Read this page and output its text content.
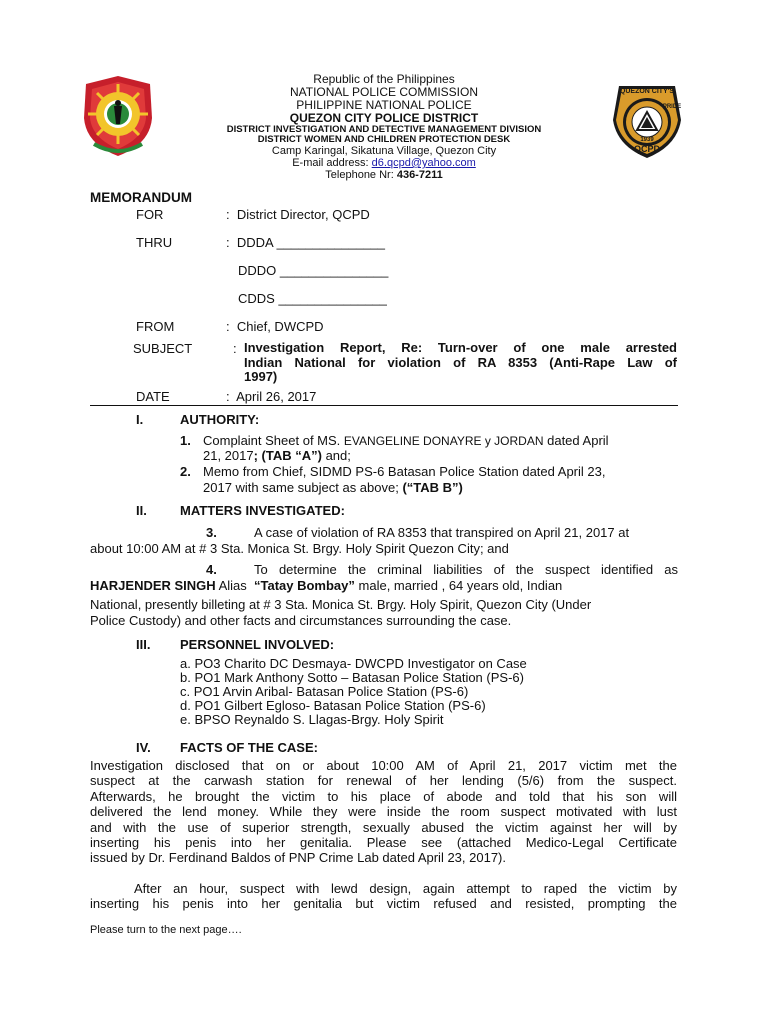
QUEZON CITY'S
PRIDE
1939
QCPD
Republic of the Philippines
NATIONAL POLICE COMMISSION
PHILIPPINE NATIONAL POLICE
QUEZON CITY POLICE DISTRICT
DISTRICT INVESTIGATION AND DETECTIVE MANAGEMENT DIVISION
DISTRICT WOMEN AND CHILDREN PROTECTION DESK
Camp Karingal, Sikatuna Village, Quezon City
E-mail address: d6.qcpd@yahoo.com
Telephone Nr: 436-7211
MEMORANDUM
FOR	: District Director, QCPD
THRU	: DDDA _______________
DDDO _______________
CDDS _______________
FROM	: Chief, DWCPD
SUBJECT	: Investigation Report, Re: Turn-over of one male arrested
Indian National for violation of RA 8353 (Anti-Rape Law of
1997)
DATE	: April 26, 2017
I.	AUTHORITY:
1. Complaint Sheet of MS. EVANGELINE DONAYRE y JORDAN dated April
21, 2017; (TAB “A”) and;
2. Memo from Chief, SIDMD PS-6 Batasan Police Station dated April 23,
2017 with same subject as above; (“TAB B”)
II.	MATTERS INVESTIGATED:
3.	A case of violation of RA 8353 that transpired on April 21, 2017 at
about 10:00 AM at # 3 Sta. Monica St. Brgy. Holy Spirit Quezon City; and
4.	To determine the criminal liabilities of the suspect identified as
HARJENDER SINGH Alias  “Tatay Bombay” male, married , 64 years old, Indian
National, presently billeting at # 3 Sta. Monica St. Brgy. Holy Spirit, Quezon City (Under
Police Custody) and other facts and circumstances surrounding the case.
III. PERSONNEL INVOLVED:
a. PO3 Charito DC Desmaya- DWCPD Investigator on Case
b. PO1 Mark Anthony Sotto – Batasan Police Station (PS-6)
c. PO1 Arvin Aribal- Batasan Police Station (PS-6)
d. PO1 Gilbert Egloso- Batasan Police Station (PS-6)
e. BPSO Reynaldo S. Llagas-Brgy. Holy Spirit
IV. FACTS OF THE CASE:
Investigation disclosed that on or about 10:00 AM of April 21, 2017 victim met the
suspect at the carwash station for renewal of her lending (5/6) from the suspect.
Afterwards, he brought the victim to his place of abode and told that his son will
delivered the lend money. While they were inside the room suspect motivated with lust
and with the use of superior strength, sexually abused the victim against her will by
inserting his penis into her genitalia. Please see (attached Medico-Legal Certificate
issued by Dr. Ferdinand Baldos of PNP Crime Lab dated April 23, 2017).
After an hour, suspect with lewd design, again attempt to raped the victim by
inserting his penis into her genitalia but victim refused and resisted, prompting the
Please turn to the next page….
